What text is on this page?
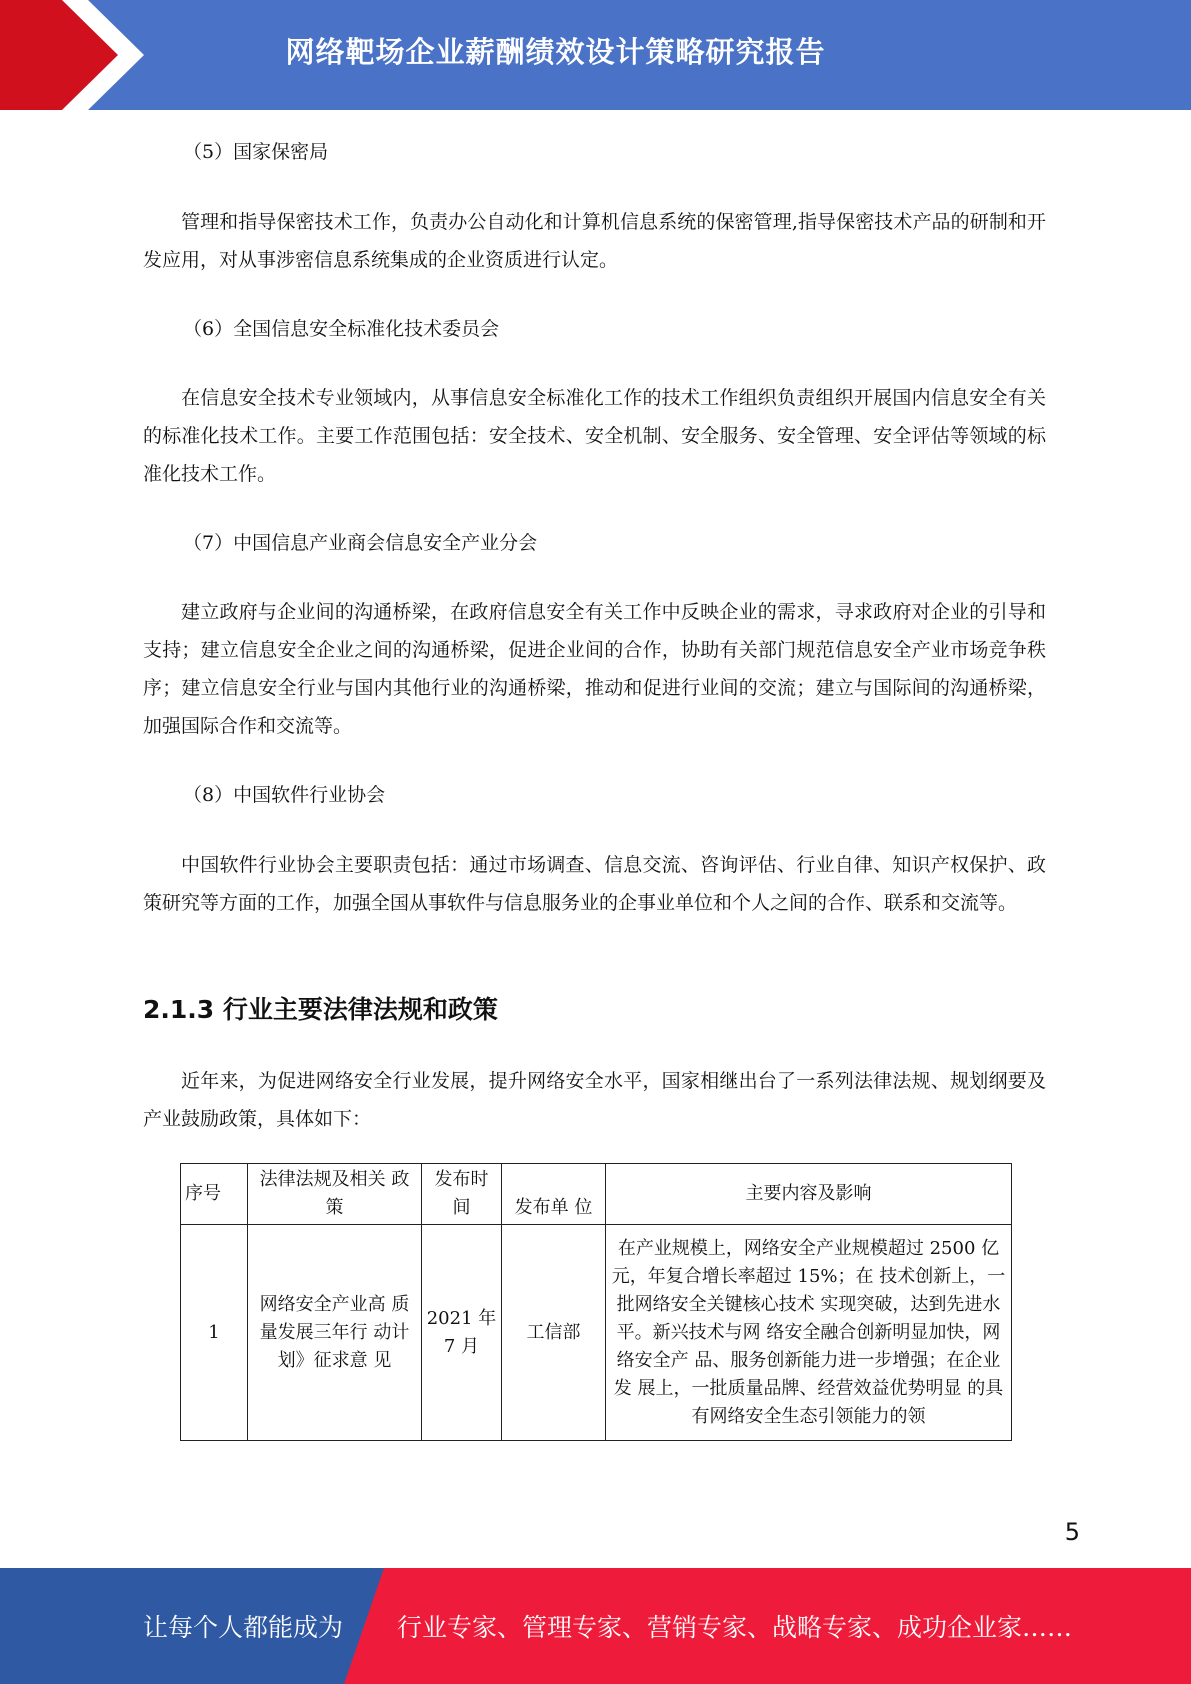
网络靶场企业薪酬绩效设计策略研究报告

（5）国家保密局

管理和指导保密技术工作，负责办公自动化和计算机信息系统的保密管理,指导保密技术产品的研制和开发应用，对从事涉密信息系统集成的企业资质进行认定。

（6）全国信息安全标准化技术委员会

在信息安全技术专业领域内，从事信息安全标准化工作的技术工作组织负责组织开展国内信息安全有关的标准化技术工作。主要工作范围包括：安全技术、安全机制、安全服务、安全管理、安全评估等领域的标准化技术工作。

（7）中国信息产业商会信息安全产业分会

建立政府与企业间的沟通桥梁，在政府信息安全有关工作中反映企业的需求，寻求政府对企业的引导和支持；建立信息安全企业之间的沟通桥梁，促进企业间的合作，协助有关部门规范信息安全产业市场竞争秩序；建立信息安全行业与国内其他行业的沟通桥梁，推动和促进行业间的交流；建立与国际间的沟通桥梁，加强国际合作和交流等。

（8）中国软件行业协会

中国软件行业协会主要职责包括：通过市场调查、信息交流、咨询评估、行业自律、知识产权保护、政策研究等方面的工作，加强全国从事软件与信息服务业的企事业单位和个人之间的合作、联系和交流等。

2.1.3 行业主要法律法规和政策

近年来，为促进网络安全行业发展，提升网络安全水平，国家相继出台了一系列法律法规、规划纲要及产业鼓励政策，具体如下：

序号	法律法规及相关 政策	发布时间	发布单 位	主要内容及影响
1	网络安全产业高 质量发展三年行 动计划》征求意 见	2021 年 7 月	工信部	在产业规模上，网络安全产业规模超过 2500 亿元，年复合增长率超过 15%；在 技术创新上，一批网络安全关键核心技术 实现突破，达到先进水平。新兴技术与网 络安全融合创新明显加快，网络安全产 品、服务创新能力进一步增强；在企业发 展上，一批质量品牌、经营效益优势明显 的具有网络安全生态引领能力的领
5
让每个人都能成为 行业专家、管理专家、营销专家、战略专家、成功企业家……
